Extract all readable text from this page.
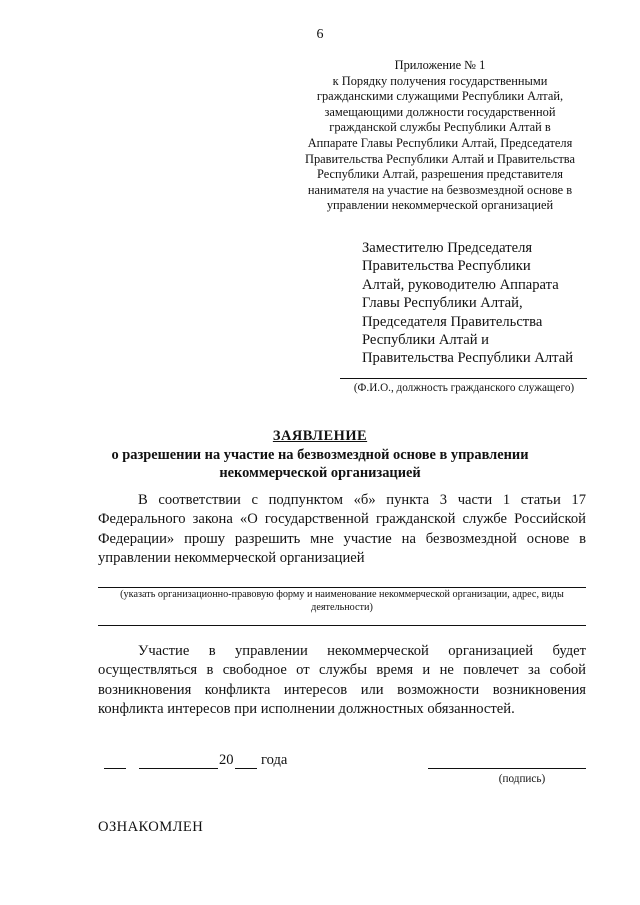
6
Приложение № 1
к Порядку получения государственными
гражданскими служащими Республики Алтай,
замещающими должности государственной
гражданской службы Республики Алтай в
Аппарате Главы Республики Алтай, Председателя
Правительства Республики Алтай и Правительства
Республики Алтай, разрешения представителя
нанимателя на участие на безвозмездной основе в
управлении некоммерческой организацией
Заместителю Председателя
Правительства Республики
Алтай, руководителю Аппарата
Главы Республики Алтай,
Председателя Правительства
Республики Алтай и
Правительства Республики Алтай
(Ф.И.О., должность гражданского служащего)
ЗАЯВЛЕНИЕ
о разрешении на участие на безвозмездной основе в управлении
некоммерческой организацией
В соответствии с подпунктом «б» пункта 3 части 1 статьи 17
Федерального закона «О государственной гражданской службе Российской
Федерации» прошу разрешить мне участие на безвозмездной основе в
управлении некоммерческой организацией
(указать организационно-правовую форму и наименование некоммерческой организации, адрес, виды
деятельности)
Участие в управлении некоммерческой организацией будет
осуществляться в свободное от службы время и не повлечет за собой
возникновения конфликта интересов или возможности возникновения
конфликта интересов при исполнении должностных обязанностей.
20 года
(подпись)
ОЗНАКОМЛЕН
